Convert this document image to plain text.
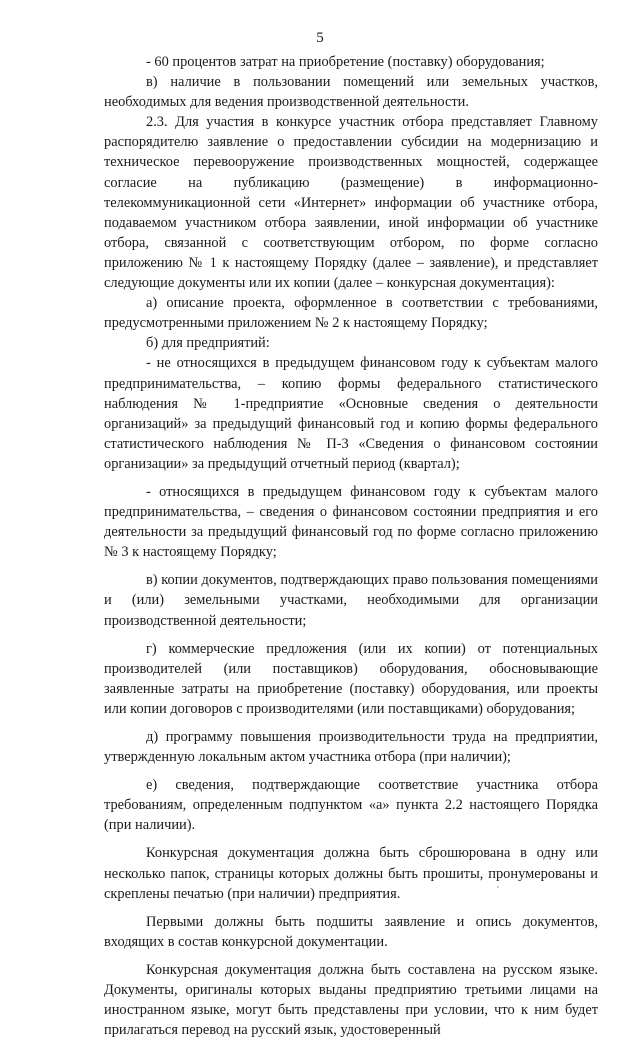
5

- 60 процентов затрат на приобретение (поставку) оборудования;

в) наличие в пользовании помещений или земельных участков, необходимых для ведения производственной деятельности.

2.3. Для участия в конкурсе участник отбора представляет Главному распорядителю заявление о предоставлении субсидии на модернизацию и техническое перевооружение производственных мощностей, содержащее согласие на публикацию (размещение) в информационно-телекоммуникационной сети «Интернет» информации об участнике отбора, подаваемом участником отбора заявлении, иной информации об участнике отбора, связанной с соответствующим отбором, по форме согласно приложению № 1 к настоящему Порядку (далее – заявление), и представляет следующие документы или их копии (далее – конкурсная документация):

а) описание проекта, оформленное в соответствии с требованиями, предусмотренными приложением № 2 к настоящему Порядку;

б) для предприятий:

- не относящихся в предыдущем финансовом году к субъектам малого предпринимательства, – копию формы федерального статистического наблюдения № 1-предприятие «Основные сведения о деятельности организаций» за предыдущий финансовый год и копию формы федерального статистического наблюдения № П-3 «Сведения о финансовом состоянии организации» за предыдущий отчетный период (квартал);

- относящихся в предыдущем финансовом году к субъектам малого предпринимательства, – сведения о финансовом состоянии предприятия и его деятельности за предыдущий финансовый год по форме согласно приложению № 3 к настоящему Порядку;

в) копии документов, подтверждающих право пользования помещениями и (или) земельными участками, необходимыми для организации производственной деятельности;

г) коммерческие предложения (или их копии) от потенциальных производителей (или поставщиков) оборудования, обосновывающие заявленные затраты на приобретение (поставку) оборудования, или проекты или копии договоров с производителями (или поставщиками) оборудования;

д) программу повышения производительности труда на предприятии, утвержденную локальным актом участника отбора (при наличии);

е) сведения, подтверждающие соответствие участника отбора требованиям, определенным подпунктом «а» пункта 2.2 настоящего Порядка (при наличии).

Конкурсная документация должна быть сброшюрована в одну или несколько папок, страницы которых должны быть прошиты, пронумерованы и скреплены печатью (при наличии) предприятия.

Первыми должны быть подшиты заявление и опись документов, входящих в состав конкурсной документации.

Конкурсная документация должна быть составлена на русском языке. Документы, оригиналы которых выданы предприятию третьими лицами на иностранном языке, могут быть представлены при условии, что к ним будет прилагаться перевод на русский язык, удостоверенный
